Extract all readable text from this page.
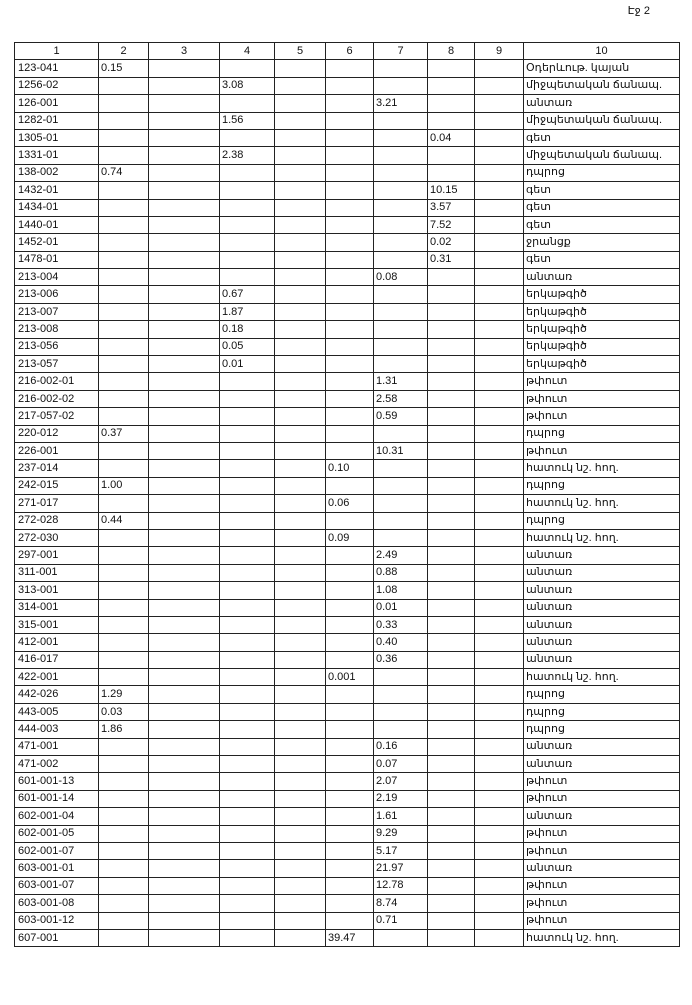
Էջ 2
1	2	3	4	5	6	7	8	9	10
123-041	0.15								Օդերևութ. կայան
1256-02			3.08						միջպետական ճանապ.
126-001						3.21			անտառ
1282-01			1.56						միջպետական ճանապ.
1305-01							0.04		գետ
1331-01			2.38						միջպետական ճանապ.
138-002	0.74								դպրոց
1432-01							10.15		գետ
1434-01							3.57		գետ
1440-01							7.52		գետ
1452-01							0.02		ջրանցք
1478-01							0.31		գետ
213-004						0.08			անտառ
213-006			0.67						երկաթգիծ
213-007			1.87						երկաթգիծ
213-008			0.18						երկաթգիծ
213-056			0.05						երկաթգիծ
213-057			0.01						երկաթգիծ
216-002-01						1.31			թփուտ
216-002-02						2.58			թփուտ
217-057-02						0.59			թփուտ
220-012	0.37								դպրոց
226-001						10.31			թփուտ
237-014					0.10				հատուկ նշ. հող.
242-015	1.00								դպրոց
271-017					0.06				հատուկ նշ. հող.
272-028	0.44								դպրոց
272-030					0.09				հատուկ նշ. հող.
297-001						2.49			անտառ
311-001						0.88			անտառ
313-001						1.08			անտառ
314-001						0.01			անտառ
315-001						0.33			անտառ
412-001						0.40			անտառ
416-017						0.36			անտառ
422-001					0.001				հատուկ նշ. հող.
442-026	1.29								դպրոց
443-005	0.03								դպրոց
444-003	1.86								դպրոց
471-001						0.16			անտառ
471-002						0.07			անտառ
601-001-13						2.07			թփուտ
601-001-14						2.19			թփուտ
602-001-04						1.61			անտառ
602-001-05						9.29			թփուտ
602-001-07						5.17			թփուտ
603-001-01						21.97			անտառ
603-001-07						12.78			թփուտ
603-001-08						8.74			թփուտ
603-001-12						0.71			թփուտ
607-001					39.47				հատուկ նշ. հող.
